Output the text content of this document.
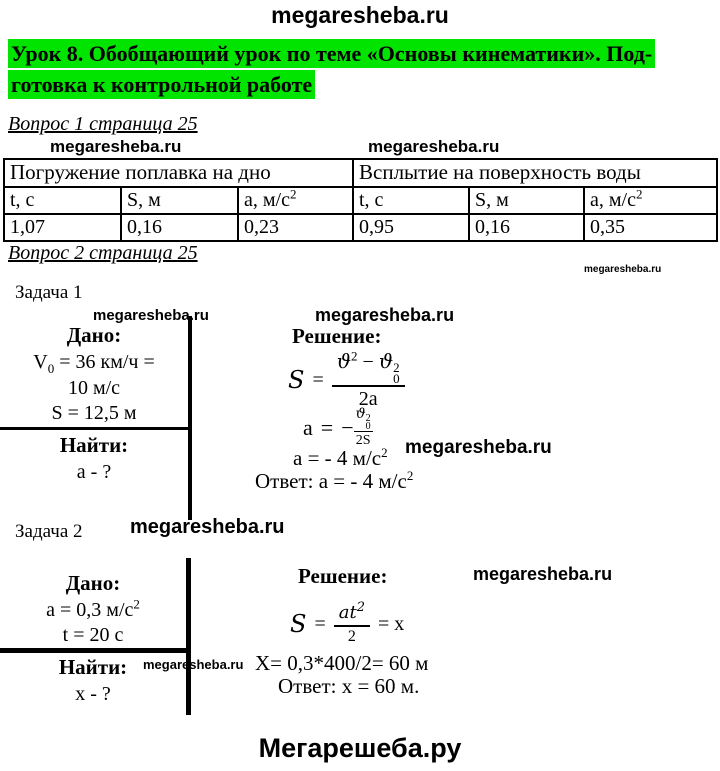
megaresheba.ru
Урок 8. Обобщающий урок по теме «Основы кинематики». Под-
готовка к контрольной работе
Вопрос 1 страница 25
Вопрос 2 страница 25
megaresheba.ru	megaresheba.ru
Погружение поплавка на дно			Всплытие на поверхность воды		
t, с	S, м	а, $м/с^2$	t, с	S, м	а, $м/с^2$
1,07	0,16	0,23	0,95	0,16	0,35
megaresheba.ru
Задача 1
megaresheba.ru
Дано:
$V_0 = 36$ км/ч =
10 м/с
S = 12,5 м
Найти:
a - ?
megaresheba.ru
Решение:
$S = ϑ^2 - ϑ$ 2
0
2a
a = − ϑ 2
0
2S megaresheba.ru
a = - 4 $м/с^2$
Ответ: a = - 4 $м/с^2$
Задача 2 megaresheba.ru
Дано:
a = 0,3 $м/с^2$
t = 20 с
Найти:
x - ?
megaresheba.ru
Решение:	megaresheba.ru
$S = \frac{at^2}{2} = x$
X= 0,3*400/2= 60 м
Ответ: x = 60 м.
Мегарешеба.ру
